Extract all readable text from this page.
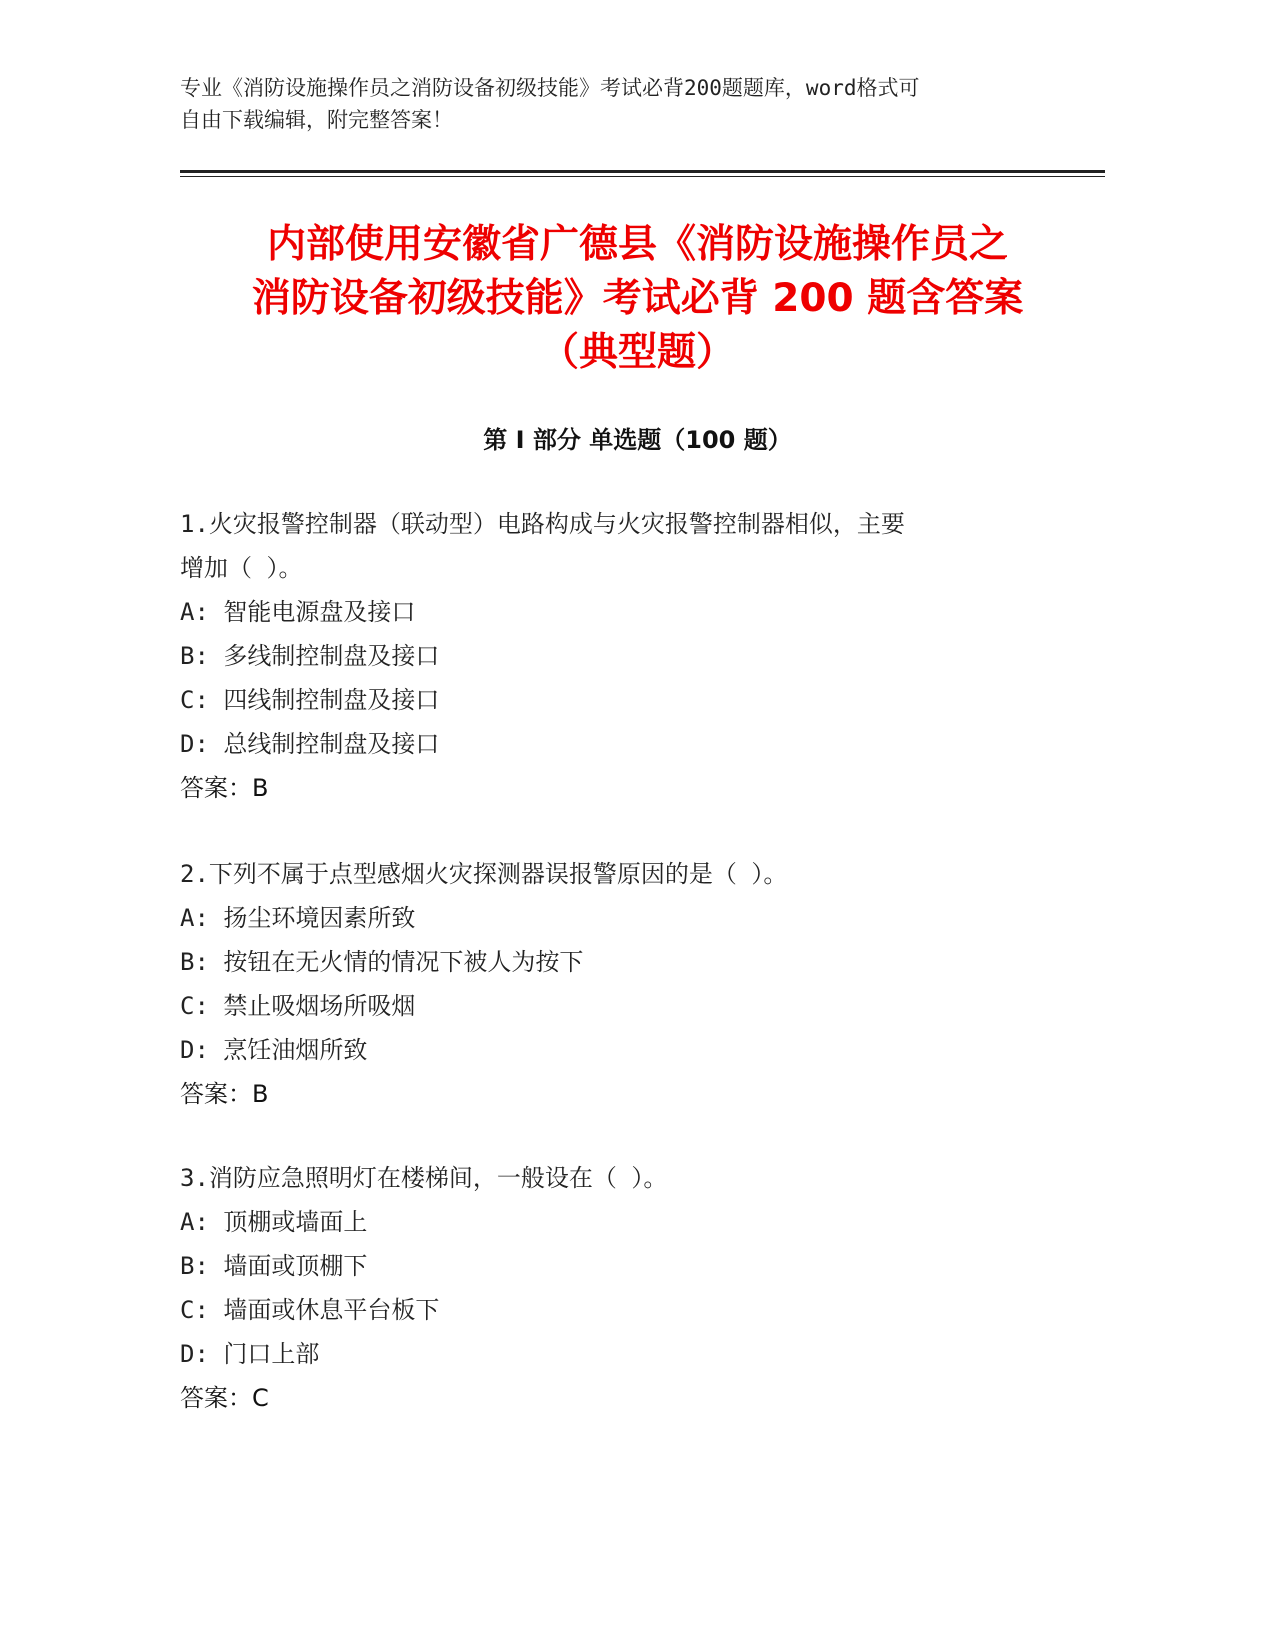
专业《消防设施操作员之消防设备初级技能》考试必背200题题库，word格式可
自由下载编辑，附完整答案！
内部使用安徽省广德县《消防设施操作员之
消防设备初级技能》考试必背 200 题含答案
（典型题）
第 I 部分 单选题（100 题）
1.火灾报警控制器（联动型）电路构成与火灾报警控制器相似，主要
增加（ ）。
A: 智能电源盘及接口
B: 多线制控制盘及接口
C: 四线制控制盘及接口
D: 总线制控制盘及接口
答案：B
2.下列不属于点型感烟火灾探测器误报警原因的是（ ）。
A: 扬尘环境因素所致
B: 按钮在无火情的情况下被人为按下
C: 禁止吸烟场所吸烟
D: 烹饪油烟所致
答案：B
3.消防应急照明灯在楼梯间，一般设在（ ）。
A: 顶棚或墙面上
B: 墙面或顶棚下
C: 墙面或休息平台板下
D: 门口上部
答案：C
